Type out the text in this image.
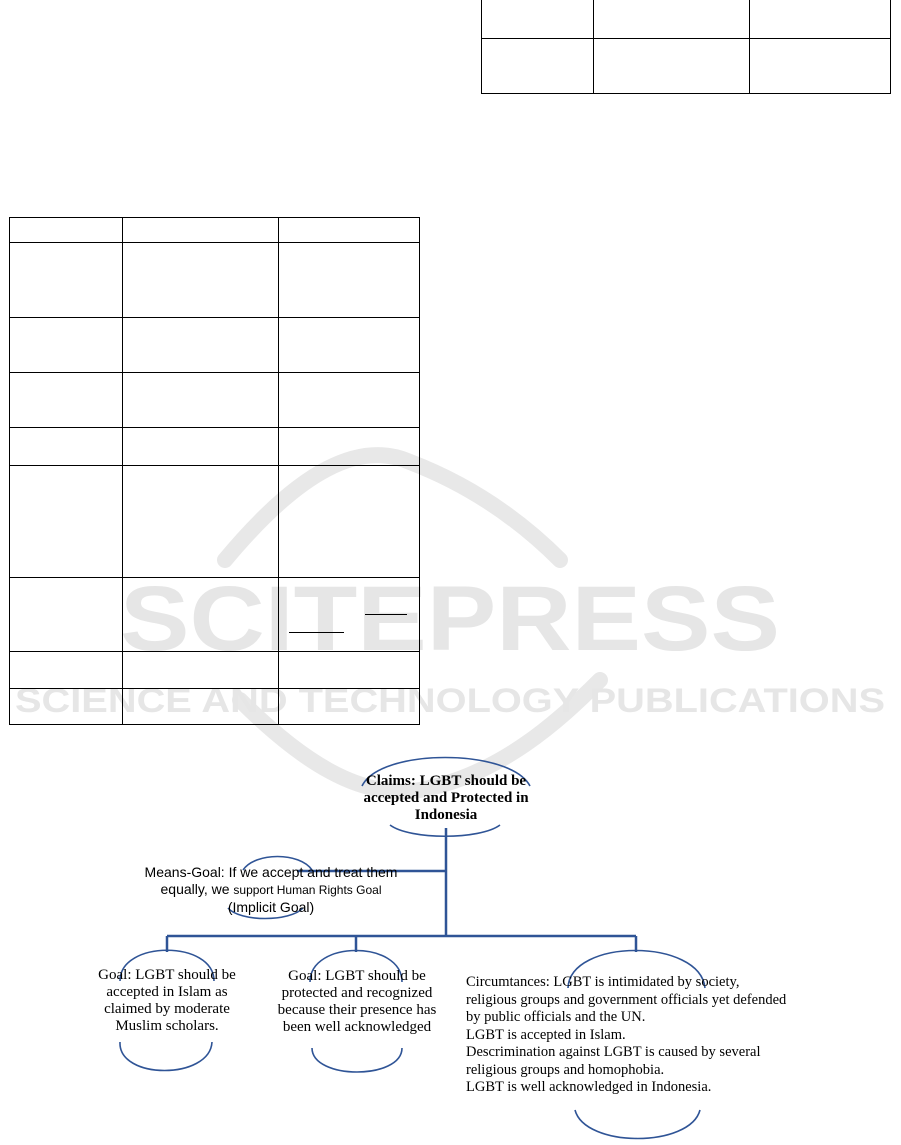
SCITEPRESS
SCIENCE AND TECHNOLOGY PUBLICATIONS

Claims: LGBT should be
accepted and Protected in
Indonesia
Means-Goal: If we accept and treat them
equally, we support Human Rights Goal
(Implicit Goal)
Goal: LGBT should be
accepted in Islam as
claimed by moderate
Muslim scholars.
Goal: LGBT should be
protected and recognized
because their presence has
been well acknowledged
Circumtances: LGBT is intimidated by society,
religious groups and government officials yet defended
by public officials and the UN.
LGBT is accepted in Islam.
Descrimination against LGBT is caused by several
religious groups and homophobia.
LGBT is well acknowledged in Indonesia.
